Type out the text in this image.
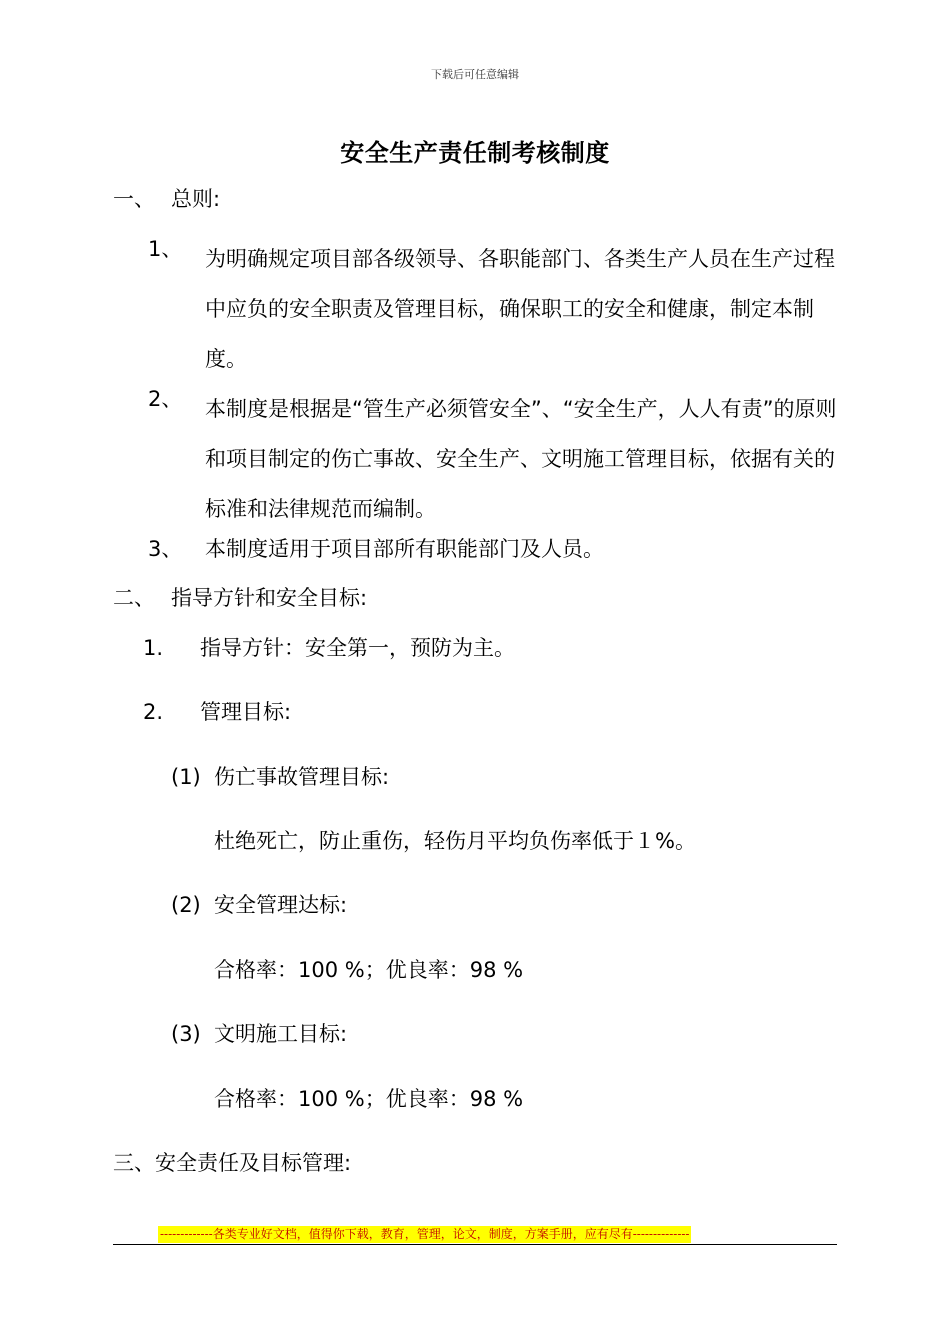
下载后可任意编辑
安全生产责任制考核制度
一、 总则:
1、 为明确规定项目部各级领导、各职能部门、各类生产人员在生产过程中应负的安全职责及管理目标，确保职工的安全和健康，制定本制度。
2、 本制度是根据是“管生产必须管安全”、“安全生产，人人有责”的原则和项目制定的伤亡事故、安全生产、文明施工管理目标，依据有关的标准和法律规范而编制。
3、 本制度适用于项目部所有职能部门及人员。
二、 指导方针和安全目标:
1. 指导方针：安全第一，预防为主。
2. 管理目标:
(1) 伤亡事故管理目标:
杜绝死亡，防止重伤，轻伤月平均负伤率低于１%。
(2) 安全管理达标:
合格率：100 %；优良率：98 %
(3) 文明施工目标:
合格率：100 %；优良率：98 %
三、安全责任及目标管理:
-------------各类专业好文档，值得你下载，教育，管理，论文，制度，方案手册，应有尽有--------------
